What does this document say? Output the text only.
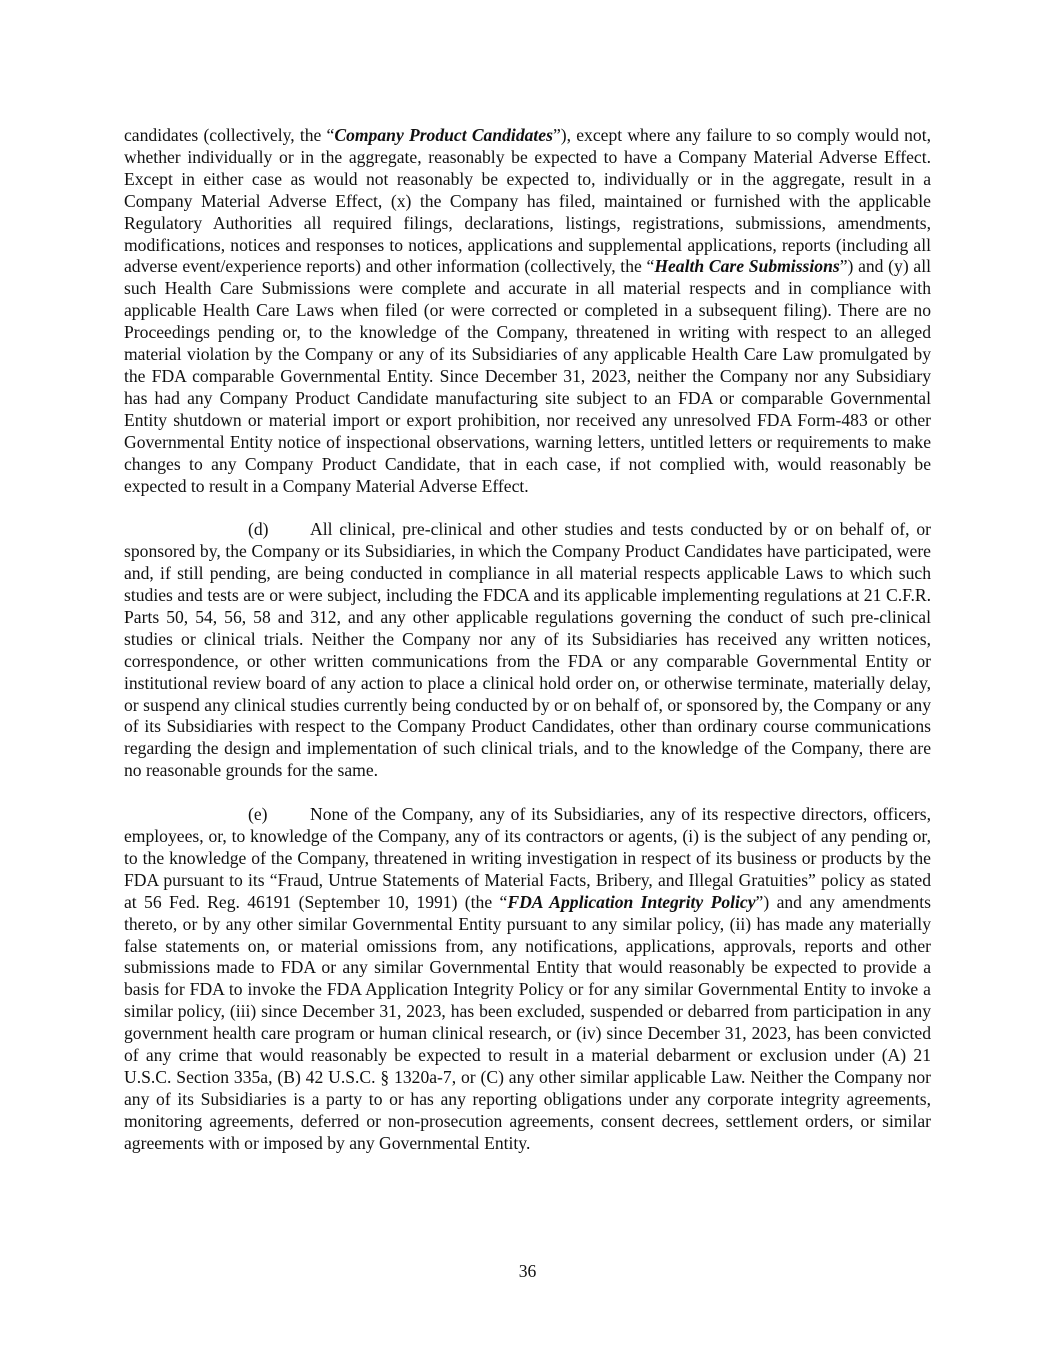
candidates (collectively, the “Company Product Candidates”), except where any failure to so comply would not, whether individually or in the aggregate, reasonably be expected to have a Company Material Adverse Effect. Except in either case as would not reasonably be expected to, individually or in the aggregate, result in a Company Material Adverse Effect, (x) the Company has filed, maintained or furnished with the applicable Regulatory Authorities all required filings, declarations, listings, registrations, submissions, amendments, modifications, notices and responses to notices, applications and supplemental applications, reports (including all adverse event/experience reports) and other information (collectively, the “Health Care Submissions”) and (y) all such Health Care Submissions were complete and accurate in all material respects and in compliance with applicable Health Care Laws when filed (or were corrected or completed in a subsequent filing). There are no Proceedings pending or, to the knowledge of the Company, threatened in writing with respect to an alleged material violation by the Company or any of its Subsidiaries of any applicable Health Care Law promulgated by the FDA comparable Governmental Entity. Since December 31, 2023, neither the Company nor any Subsidiary has had any Company Product Candidate manufacturing site subject to an FDA or comparable Governmental Entity shutdown or material import or export prohibition, nor received any unresolved FDA Form-483 or other Governmental Entity notice of inspectional observations, warning letters, untitled letters or requirements to make changes to any Company Product Candidate, that in each case, if not complied with, would reasonably be expected to result in a Company Material Adverse Effect.

(d) All clinical, pre-clinical and other studies and tests conducted by or on behalf of, or sponsored by, the Company or its Subsidiaries, in which the Company Product Candidates have participated, were and, if still pending, are being conducted in compliance in all material respects applicable Laws to which such studies and tests are or were subject, including the FDCA and its applicable implementing regulations at 21 C.F.R. Parts 50, 54, 56, 58 and 312, and any other applicable regulations governing the conduct of such pre-clinical studies or clinical trials. Neither the Company nor any of its Subsidiaries has received any written notices, correspondence, or other written communications from the FDA or any comparable Governmental Entity or institutional review board of any action to place a clinical hold order on, or otherwise terminate, materially delay, or suspend any clinical studies currently being conducted by or on behalf of, or sponsored by, the Company or any of its Subsidiaries with respect to the Company Product Candidates, other than ordinary course communications regarding the design and implementation of such clinical trials, and to the knowledge of the Company, there are no reasonable grounds for the same.

(e) None of the Company, any of its Subsidiaries, any of its respective directors, officers, employees, or, to knowledge of the Company, any of its contractors or agents, (i) is the subject of any pending or, to the knowledge of the Company, threatened in writing investigation in respect of its business or products by the FDA pursuant to its “Fraud, Untrue Statements of Material Facts, Bribery, and Illegal Gratuities” policy as stated at 56 Fed. Reg. 46191 (September 10, 1991) (the “FDA Application Integrity Policy”) and any amendments thereto, or by any other similar Governmental Entity pursuant to any similar policy, (ii) has made any materially false statements on, or material omissions from, any notifications, applications, approvals, reports and other submissions made to FDA or any similar Governmental Entity that would reasonably be expected to provide a basis for FDA to invoke the FDA Application Integrity Policy or for any similar Governmental Entity to invoke a similar policy, (iii) since December 31, 2023, has been excluded, suspended or debarred from participation in any government health care program or human clinical research, or (iv) since December 31, 2023, has been convicted of any crime that would reasonably be expected to result in a material debarment or exclusion under (A) 21 U.S.C. Section 335a, (B) 42 U.S.C. § 1320a-7, or (C) any other similar applicable Law. Neither the Company nor any of its Subsidiaries is a party to or has any reporting obligations under any corporate integrity agreements, monitoring agreements, deferred or non-prosecution agreements, consent decrees, settlement orders, or similar agreements with or imposed by any Governmental Entity.

36
